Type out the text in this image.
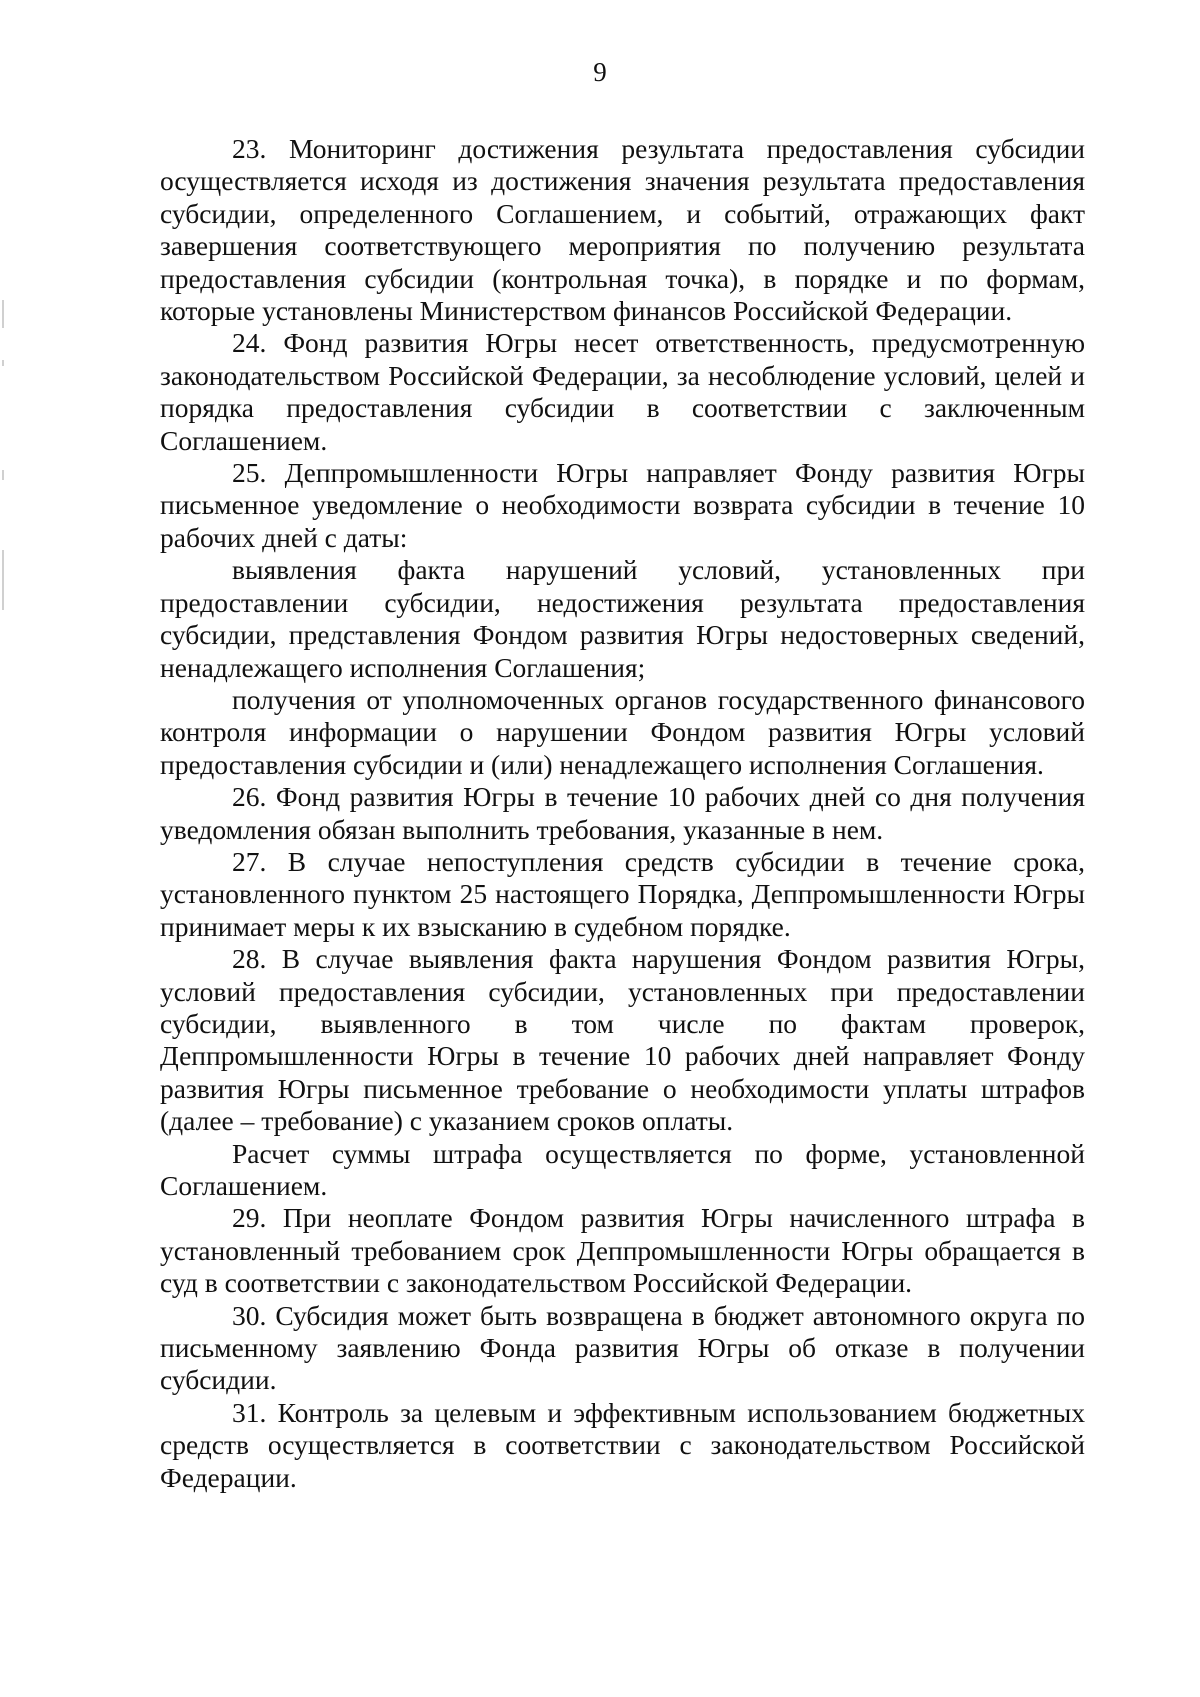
9

23. Мониторинг достижения результата предоставления субсидии осуществляется исходя из достижения значения результата предоставления субсидии, определенного Соглашением, и событий, отражающих факт завершения соответствующего мероприятия по получению результата предоставления субсидии (контрольная точка), в порядке и по формам, которые установлены Министерством финансов Российской Федерации.

24. Фонд развития Югры несет ответственность, предусмотренную законодательством Российской Федерации, за несоблюдение условий, целей и порядка предоставления субсидии в соответствии с заключенным Соглашением.

25. Деппромышленности Югры направляет Фонду развития Югры письменное уведомление о необходимости возврата субсидии в течение 10 рабочих дней с даты:

выявления факта нарушений условий, установленных при предоставлении субсидии, недостижения результата предоставления субсидии, представления Фондом развития Югры недостоверных сведений, ненадлежащего исполнения Соглашения;

получения от уполномоченных органов государственного финансового контроля информации о нарушении Фондом развития Югры условий предоставления субсидии и (или) ненадлежащего исполнения Соглашения.

26. Фонд развития Югры в течение 10 рабочих дней со дня получения уведомления обязан выполнить требования, указанные в нем.

27. В случае непоступления средств субсидии в течение срока, установленного пунктом 25 настоящего Порядка, Деппромышленности Югры принимает меры к их взысканию в судебном порядке.

28. В случае выявления факта нарушения Фондом развития Югры, условий предоставления субсидии, установленных при предоставлении субсидии, выявленного в том числе по фактам проверок, Деппромышленности Югры в течение 10 рабочих дней направляет Фонду развития Югры письменное требование о необходимости уплаты штрафов (далее – требование) с указанием сроков оплаты.

Расчет суммы штрафа осуществляется по форме, установленной Соглашением.

29. При неоплате Фондом развития Югры начисленного штрафа в установленный требованием срок Деппромышленности Югры обращается в суд в соответствии с законодательством Российской Федерации.

30. Субсидия может быть возвращена в бюджет автономного округа по письменному заявлению Фонда развития Югры об отказе в получении субсидии.

31. Контроль за целевым и эффективным использованием бюджетных средств осуществляется в соответствии с законодательством Российской Федерации.
